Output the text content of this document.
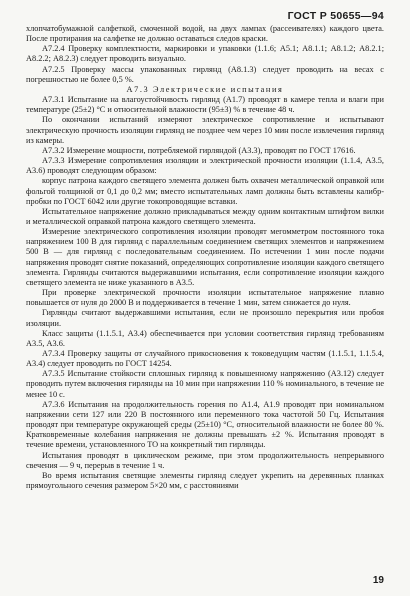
ГОСТ Р 50655—94

хлопчатобумажной салфеткой, смоченной водой, на двух лампах (рассеивателях) каждого цвета. После протирания на салфетке не должно оставаться следов краски.

А7.2.4 Проверку комплектности, маркировки и упаковки (1.1.6; А5.1; А8.1.1; А8.1.2; А8.2.1; А8.2.2; А8.2.3) следует проводить визуально.

А7.2.5 Проверку массы упакованных гирлянд (А8.1.3) следует проводить на весах с погрешностью не более 0,5 %.

А7.3 Электрические испытания

А7.3.1 Испытание на влагоустойчивость гирлянд (А1.7) проводят в камере тепла и влаги при температуре (25±2) °С и относительной влажности (95±3) % в течение 48 ч.

По окончании испытаний измеряют электрическое сопротивление и испытывают электрическую прочность изоляции гирлянд не позднее чем через 10 мин после извлечения гирлянд из камеры.

А7.3.2 Измерение мощности, потребляемой гирляндой (А3.3), проводят по ГОСТ 17616.

А7.3.3 Измерение сопротивления изоляции и электрической прочности изоляции (1.1.4, А3.5, А3.6) проводят следующим образом:

корпус патрона каждого светящего элемента должен быть охвачен металлической оправкой или фольгой толщиной от 0,1 до 0,2 мм; вместо испытательных ламп должны быть вставлены калибр-пробки по ГОСТ 6042 или другие токопроводящие вставки.

Испытательное напряжение должно прикладываться между одним контактным штифтом вилки и металлической оправкой патрона каждого светящего элемента.

Измерение электрического сопротивления изоляции проводят мегомметром постоянного тока напряжением 100 В для гирлянд с параллельным соединением светящих элементов и напряжением 500 В — для гирлянд с последовательным соединением. По истечении 1 мин после подачи напряжения проводят снятие показаний, определяющих сопротивление изоляции каждого светящего элемента. Гирлянды считаются выдержавшими испытания, если сопротивление изоляции каждого светящего элемента не ниже указанного в А3.5.

При проверке электрической прочности изоляции испытательное напряжение плавно повышается от нуля до 2000 В и поддерживается в течение 1 мин, затем снижается до нуля.

Гирлянды считают выдержавшими испытания, если не произошло перекрытия или пробоя изоляции.

Класс защиты (1.1.5.1, А3.4) обеспечивается при условии соответствия гирлянд требованиям А3.5, А3.6.

А7.3.4 Проверку защиты от случайного прикосновения к токоведущим частям (1.1.5.1, 1.1.5.4, А3.4) следует проводить по ГОСТ 14254.

А7.3.5 Испытание стойкости сплошных гирлянд к повышенному напряжению (А3.12) следует проводить путем включения гирлянды на 10 мин при напряжении 110 % номинального, в течение не менее 10 с.

А7.3.6 Испытания на продолжительность горения по А1.4, А1.9 проводят при номинальном напряжении сети 127 или 220 В постоянного или переменного тока частотой 50 Гц. Испытания проводят при температуре окружающей среды (25±10) °С, относительной влажности не более 80 %. Кратковременные колебания напряжения не должны превышать ±2 %. Испытания проводят в течение времени, установленного ТО на конкретный тип гирлянды.

Испытания проводят в циклическом режиме, при этом продолжительность непрерывного свечения — 9 ч, перерыв в течение 1 ч.

Во время испытания светящие элементы гирлянд следует укрепить на деревянных планках прямоугольного сечения размером 5×20 мм, с расстояниями

19
